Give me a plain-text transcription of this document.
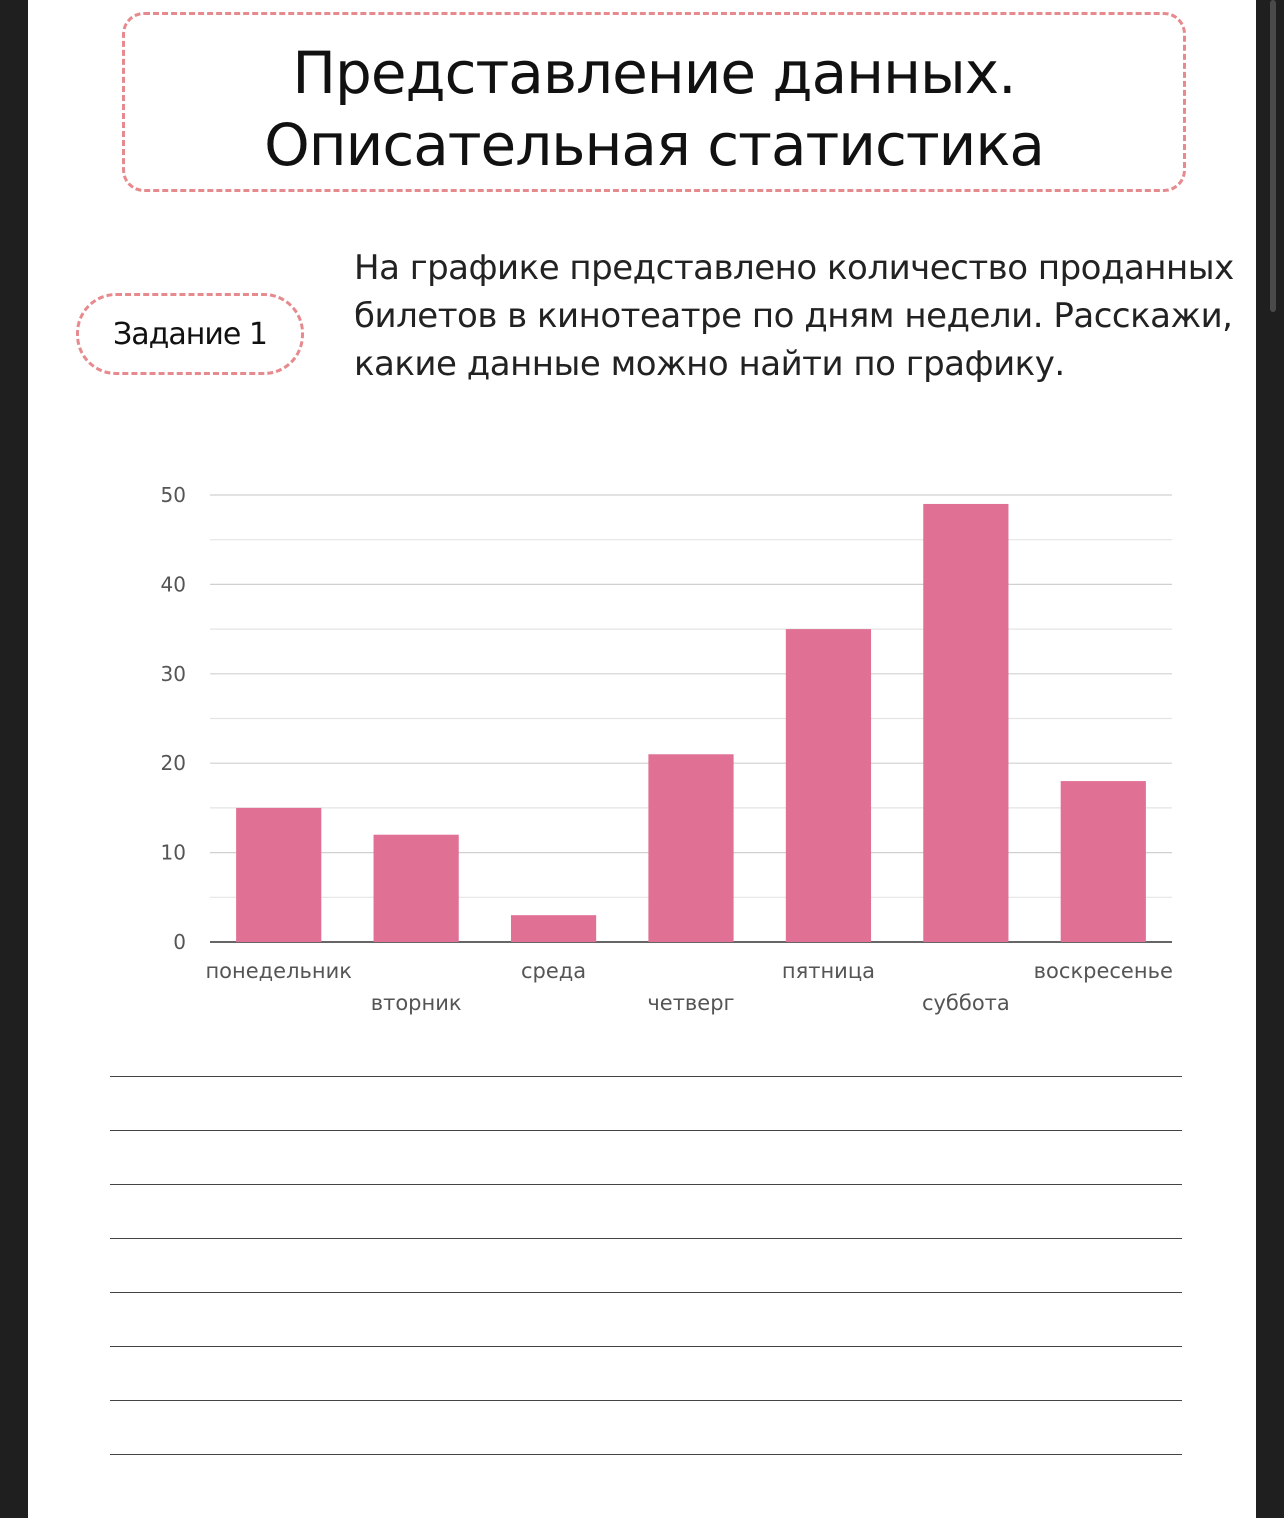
Представление данных.
Описательная статистика
Задание 1
На графике представлено количество проданных билетов в кинотеатре по дням недели. Расскажи, какие данные можно найти по графику.
0
10
20
30
40
50
понедельник
вторник
среда
четверг
пятница
суббота
воскресенье
